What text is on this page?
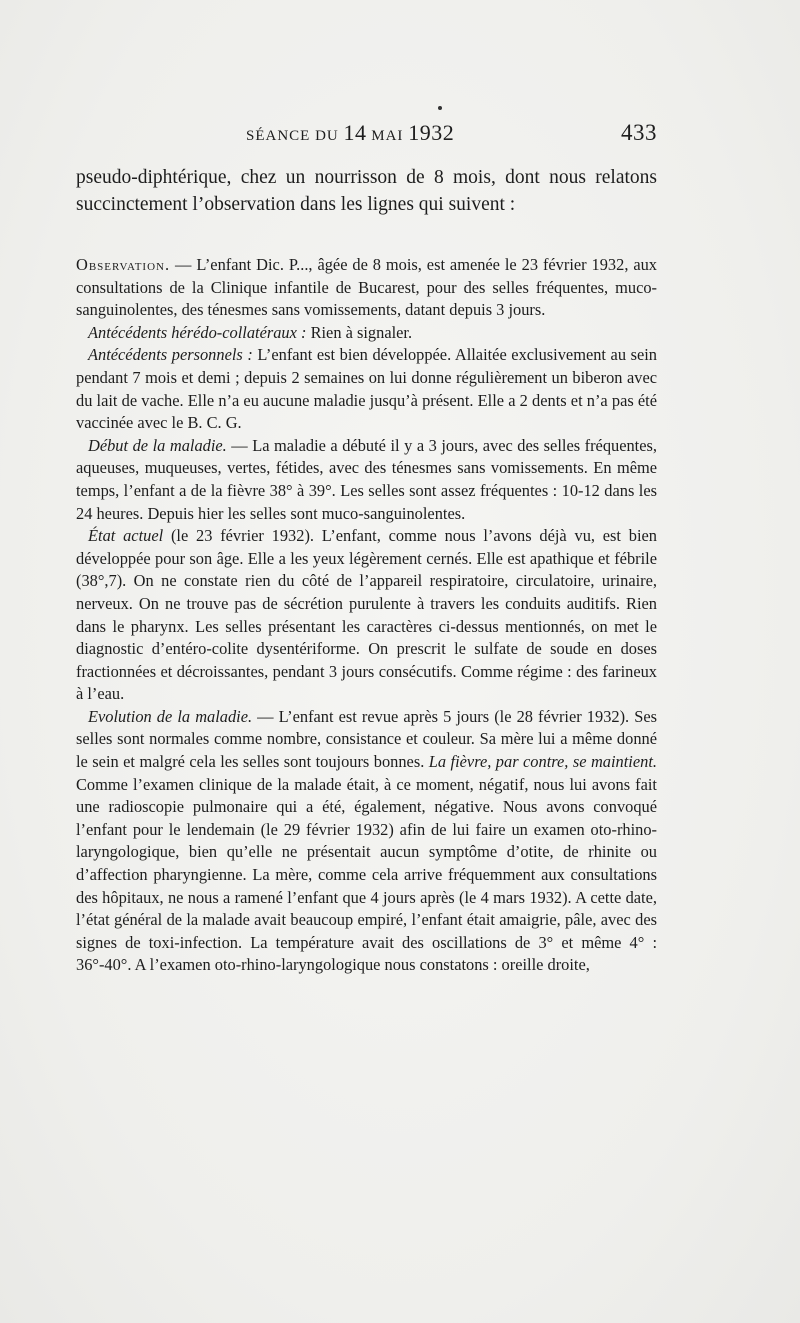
SÉANCE DU 14 MAI 1932	433

pseudo-diphtérique, chez un nourrisson de 8 mois, dont nous relatons succinctement l’observation dans les lignes qui suivent :

Observation. — L’enfant Dic. P..., âgée de 8 mois, est amenée le 23 février 1932, aux consultations de la Clinique infantile de Bucarest, pour des selles fréquentes, muco-sanguinolentes, des ténesmes sans vomissements, datant depuis 3 jours.

Antécédents hérédo-collatéraux : Rien à signaler.

Antécédents personnels : L’enfant est bien développée. Allaitée exclusivement au sein pendant 7 mois et demi ; depuis 2 semaines on lui donne régulièrement un biberon avec du lait de vache. Elle n’a eu aucune maladie jusqu’à présent. Elle a 2 dents et n’a pas été vaccinée avec le B. C. G.

Début de la maladie. — La maladie a débuté il y a 3 jours, avec des selles fréquentes, aqueuses, muqueuses, vertes, fétides, avec des ténesmes sans vomissements. En même temps, l’enfant a de la fièvre 38° à 39°. Les selles sont assez fréquentes : 10-12 dans les 24 heures. Depuis hier les selles sont muco-sanguinolentes.

État actuel (le 23 février 1932). L’enfant, comme nous l’avons déjà vu, est bien développée pour son âge. Elle a les yeux légèrement cernés. Elle est apathique et fébrile (38°,7). On ne constate rien du côté de l’appareil respiratoire, circulatoire, urinaire, nerveux. On ne trouve pas de sécrétion purulente à travers les conduits auditifs. Rien dans le pharynx. Les selles présentant les caractères ci-dessus mentionnés, on met le diagnostic d’entéro-colite dysentériforme. On prescrit le sulfate de soude en doses fractionnées et décroissantes, pendant 3 jours consécutifs. Comme régime : des farineux à l’eau.

Evolution de la maladie. — L’enfant est revue après 5 jours (le 28 février 1932). Ses selles sont normales comme nombre, consistance et couleur. Sa mère lui a même donné le sein et malgré cela les selles sont toujours bonnes. La fièvre, par contre, se maintient. Comme l’examen clinique de la malade était, à ce moment, négatif, nous lui avons fait une radioscopie pulmonaire qui a été, également, négative. Nous avons convoqué l’enfant pour le lendemain (le 29 février 1932) afin de lui faire un examen oto-rhino-laryngologique, bien qu’elle ne présentait aucun symptôme d’otite, de rhinite ou d’affection pharyngienne. La mère, comme cela arrive fréquemment aux consultations des hôpitaux, ne nous a ramené l’enfant que 4 jours après (le 4 mars 1932). A cette date, l’état général de la malade avait beaucoup empiré, l’enfant était amaigrie, pâle, avec des signes de toxi-infection. La température avait des oscillations de 3° et même 4° : 36°-40°. A l’examen oto-rhino-laryngologique nous constatons : oreille droite,
